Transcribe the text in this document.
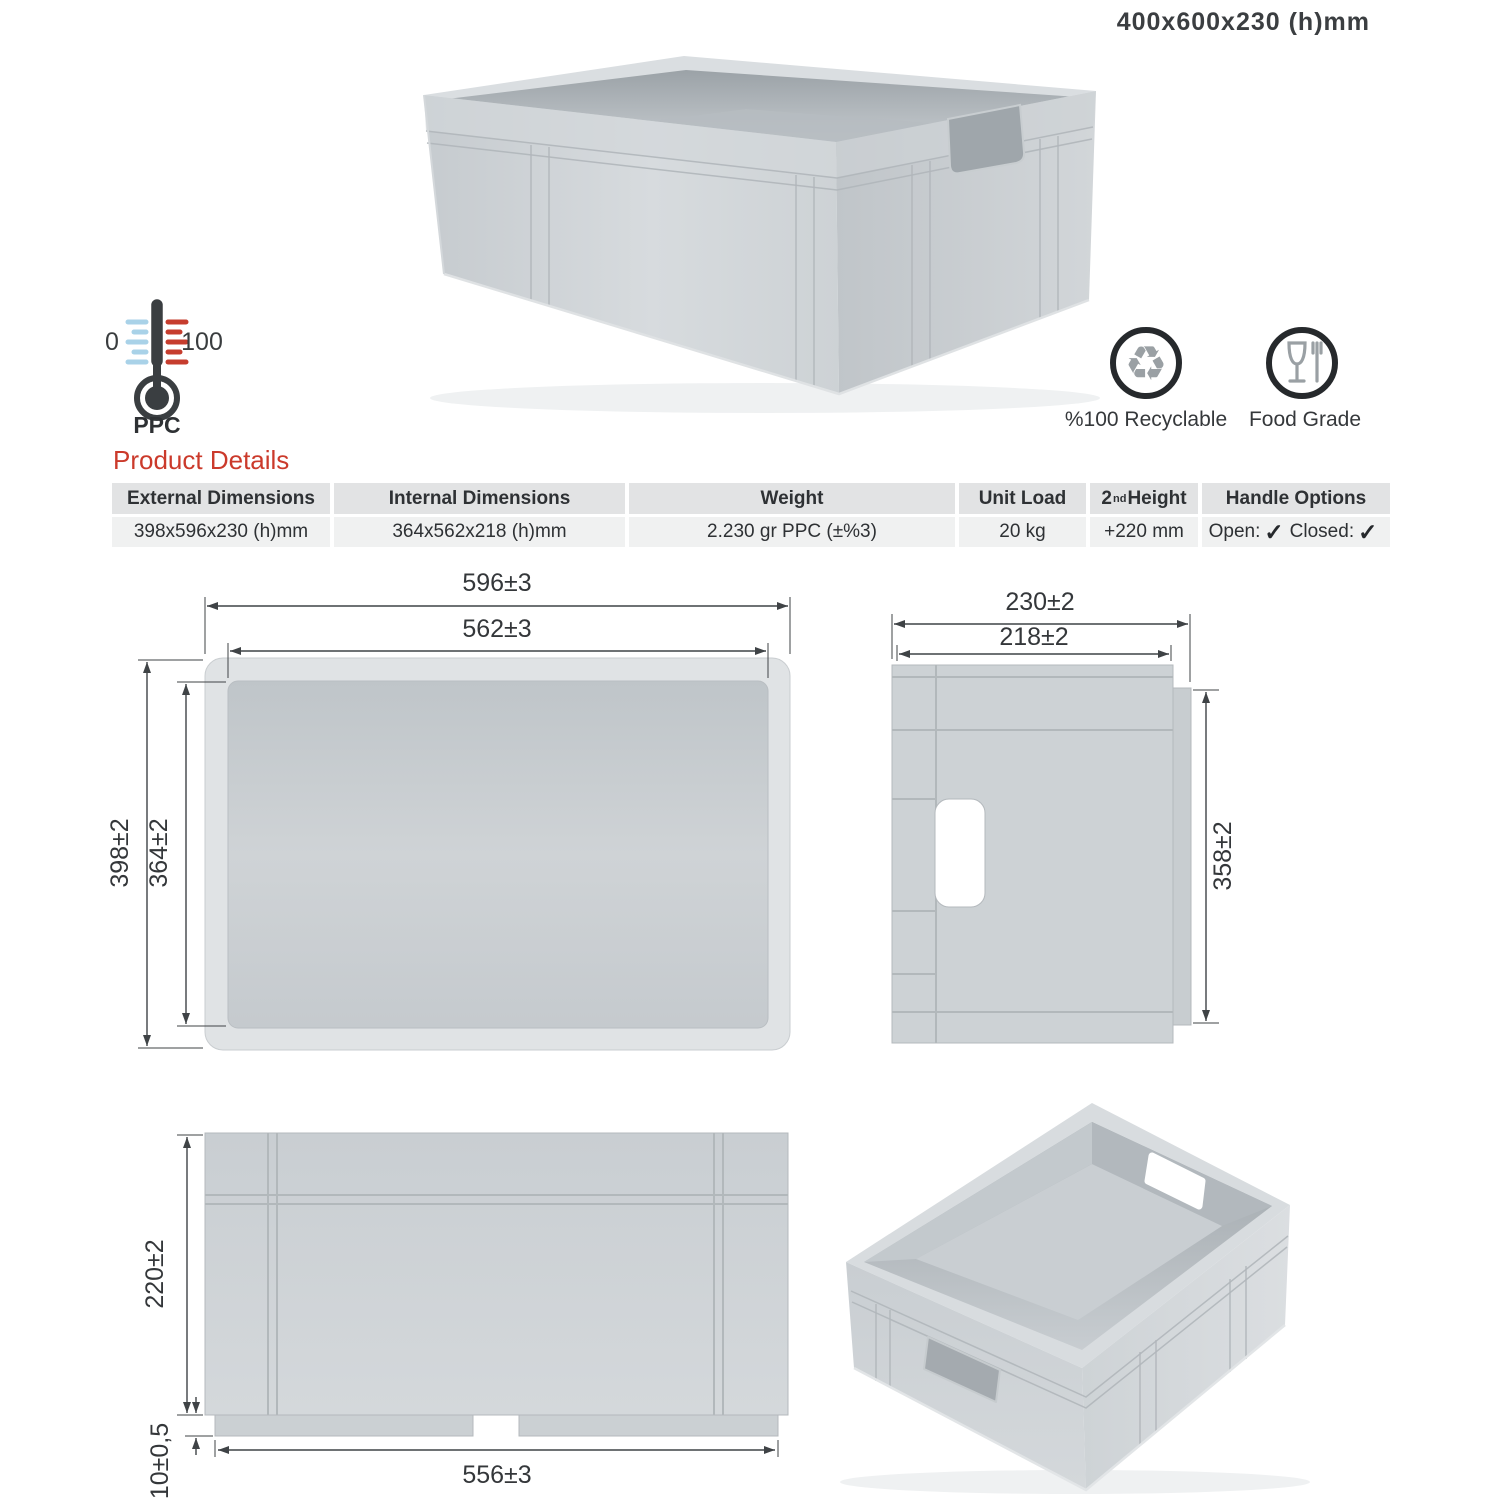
596±3
562±3
398±2 364±2
230±2
218±2
358±2
220±2
10±0,5	556±3
400x600x230 (h)mm
0 100
PPC
♻
%100 Recyclable	Food Grade
Product Details
External Dimensions	Internal Dimensions	Weight	Unit Load	2 nd Height	Handle Options
398x596x230 (h)mm	364x562x218 (h)mm	2.230 gr PPC (±%3)	20 kg	+220 mm	Open: ✓ Closed: ✓
